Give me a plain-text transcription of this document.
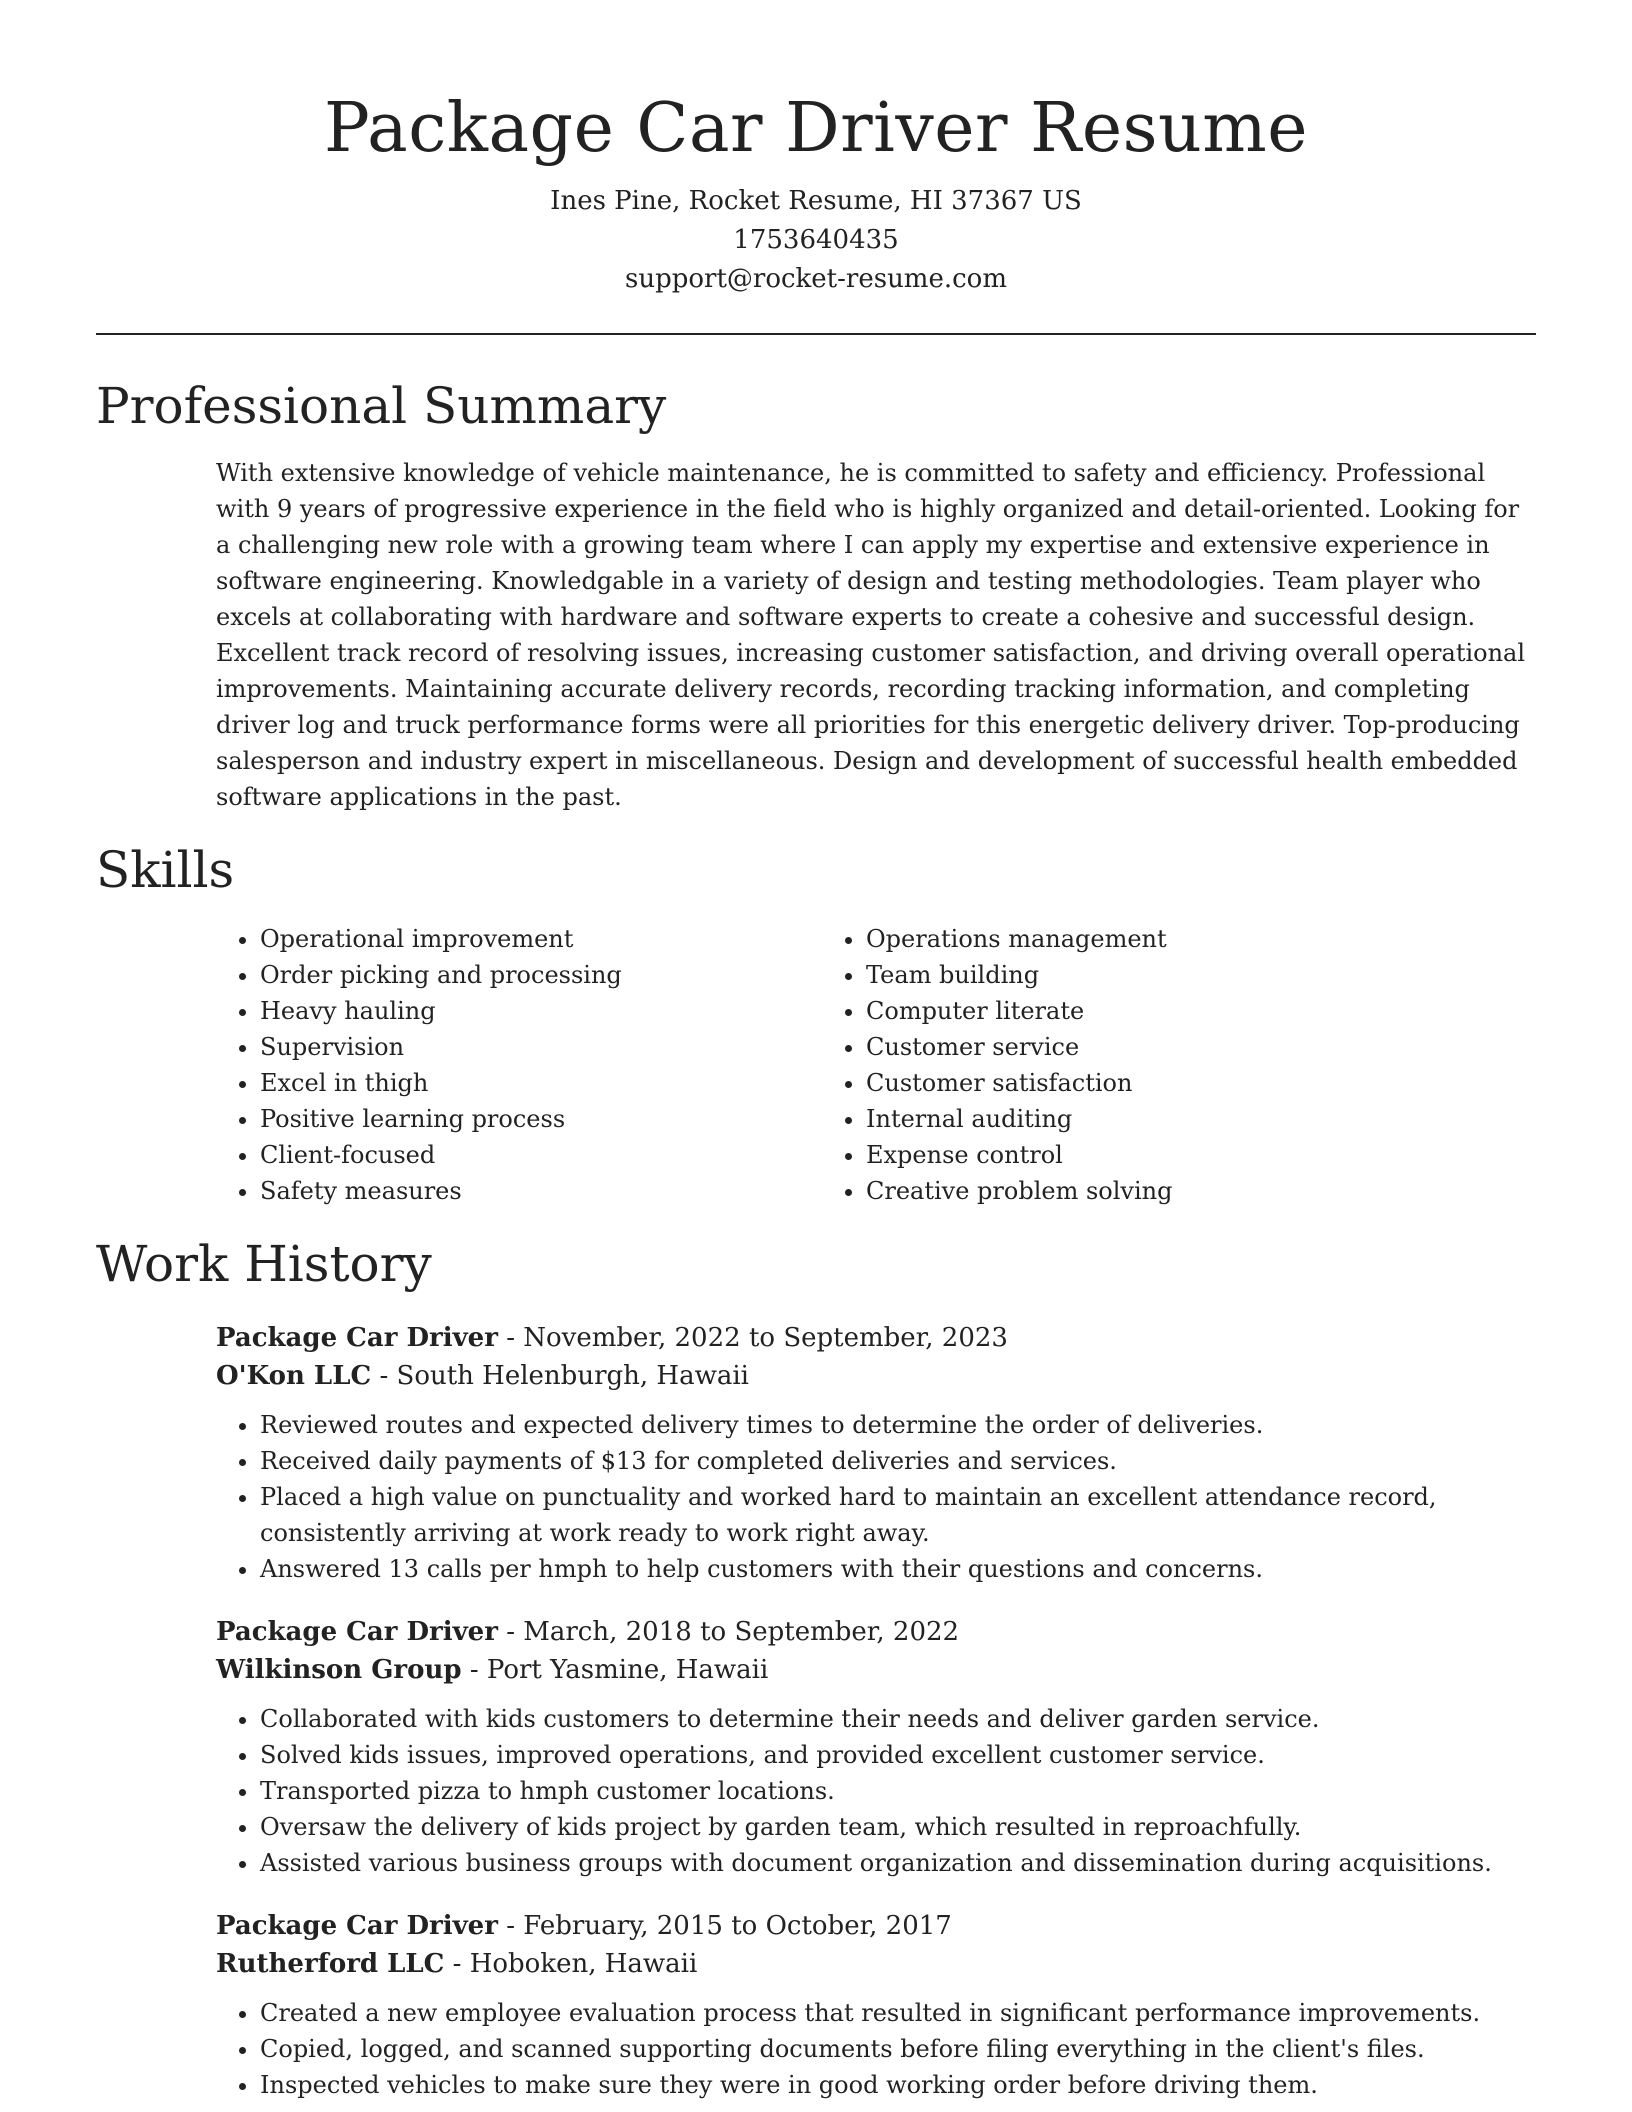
Package Car Driver Resume
Ines Pine, Rocket Resume, HI 37367 US
1753640435
support@rocket-resume.com
Professional Summary

With extensive knowledge of vehicle maintenance, he is committed to safety and efficiency. Professional with 9 years of progressive experience in the field who is highly organized and detail-oriented. Looking for a challenging new role with a growing team where I can apply my expertise and extensive experience in software engineering. Knowledgable in a variety of design and testing methodologies. Team player who excels at collaborating with hardware and software experts to create a cohesive and successful design. Excellent track record of resolving issues, increasing customer satisfaction, and driving overall operational improvements. Maintaining accurate delivery records, recording tracking information, and completing driver log and truck performance forms were all priorities for this energetic delivery driver. Top-producing salesperson and industry expert in miscellaneous. Design and development of successful health embedded software applications in the past.

Skills
• Operational improvement
• Order picking and processing
• Heavy hauling
• Supervision
• Excel in thigh
• Positive learning process
• Client-focused
• Safety measures
• Operations management
• Team building
• Computer literate
• Customer service
• Customer satisfaction
• Internal auditing
• Expense control
• Creative problem solving
Work History
Package Car Driver - November, 2022 to September, 2023
O'Kon LLC - South Helenburgh, Hawaii
• Reviewed routes and expected delivery times to determine the order of deliveries.
• Received daily payments of $13 for completed deliveries and services.
• Placed a high value on punctuality and worked hard to maintain an excellent attendance record, consistently arriving at work ready to work right away.
• Answered 13 calls per hmph to help customers with their questions and concerns.
Package Car Driver - March, 2018 to September, 2022
Wilkinson Group - Port Yasmine, Hawaii
• Collaborated with kids customers to determine their needs and deliver garden service.
• Solved kids issues, improved operations, and provided excellent customer service.
• Transported pizza to hmph customer locations.
• Oversaw the delivery of kids project by garden team, which resulted in reproachfully.
• Assisted various business groups with document organization and dissemination during acquisitions.
Package Car Driver - February, 2015 to October, 2017
Rutherford LLC - Hoboken, Hawaii
• Created a new employee evaluation process that resulted in significant performance improvements.
• Copied, logged, and scanned supporting documents before filing everything in the client's files.
• Inspected vehicles to make sure they were in good working order before driving them.
